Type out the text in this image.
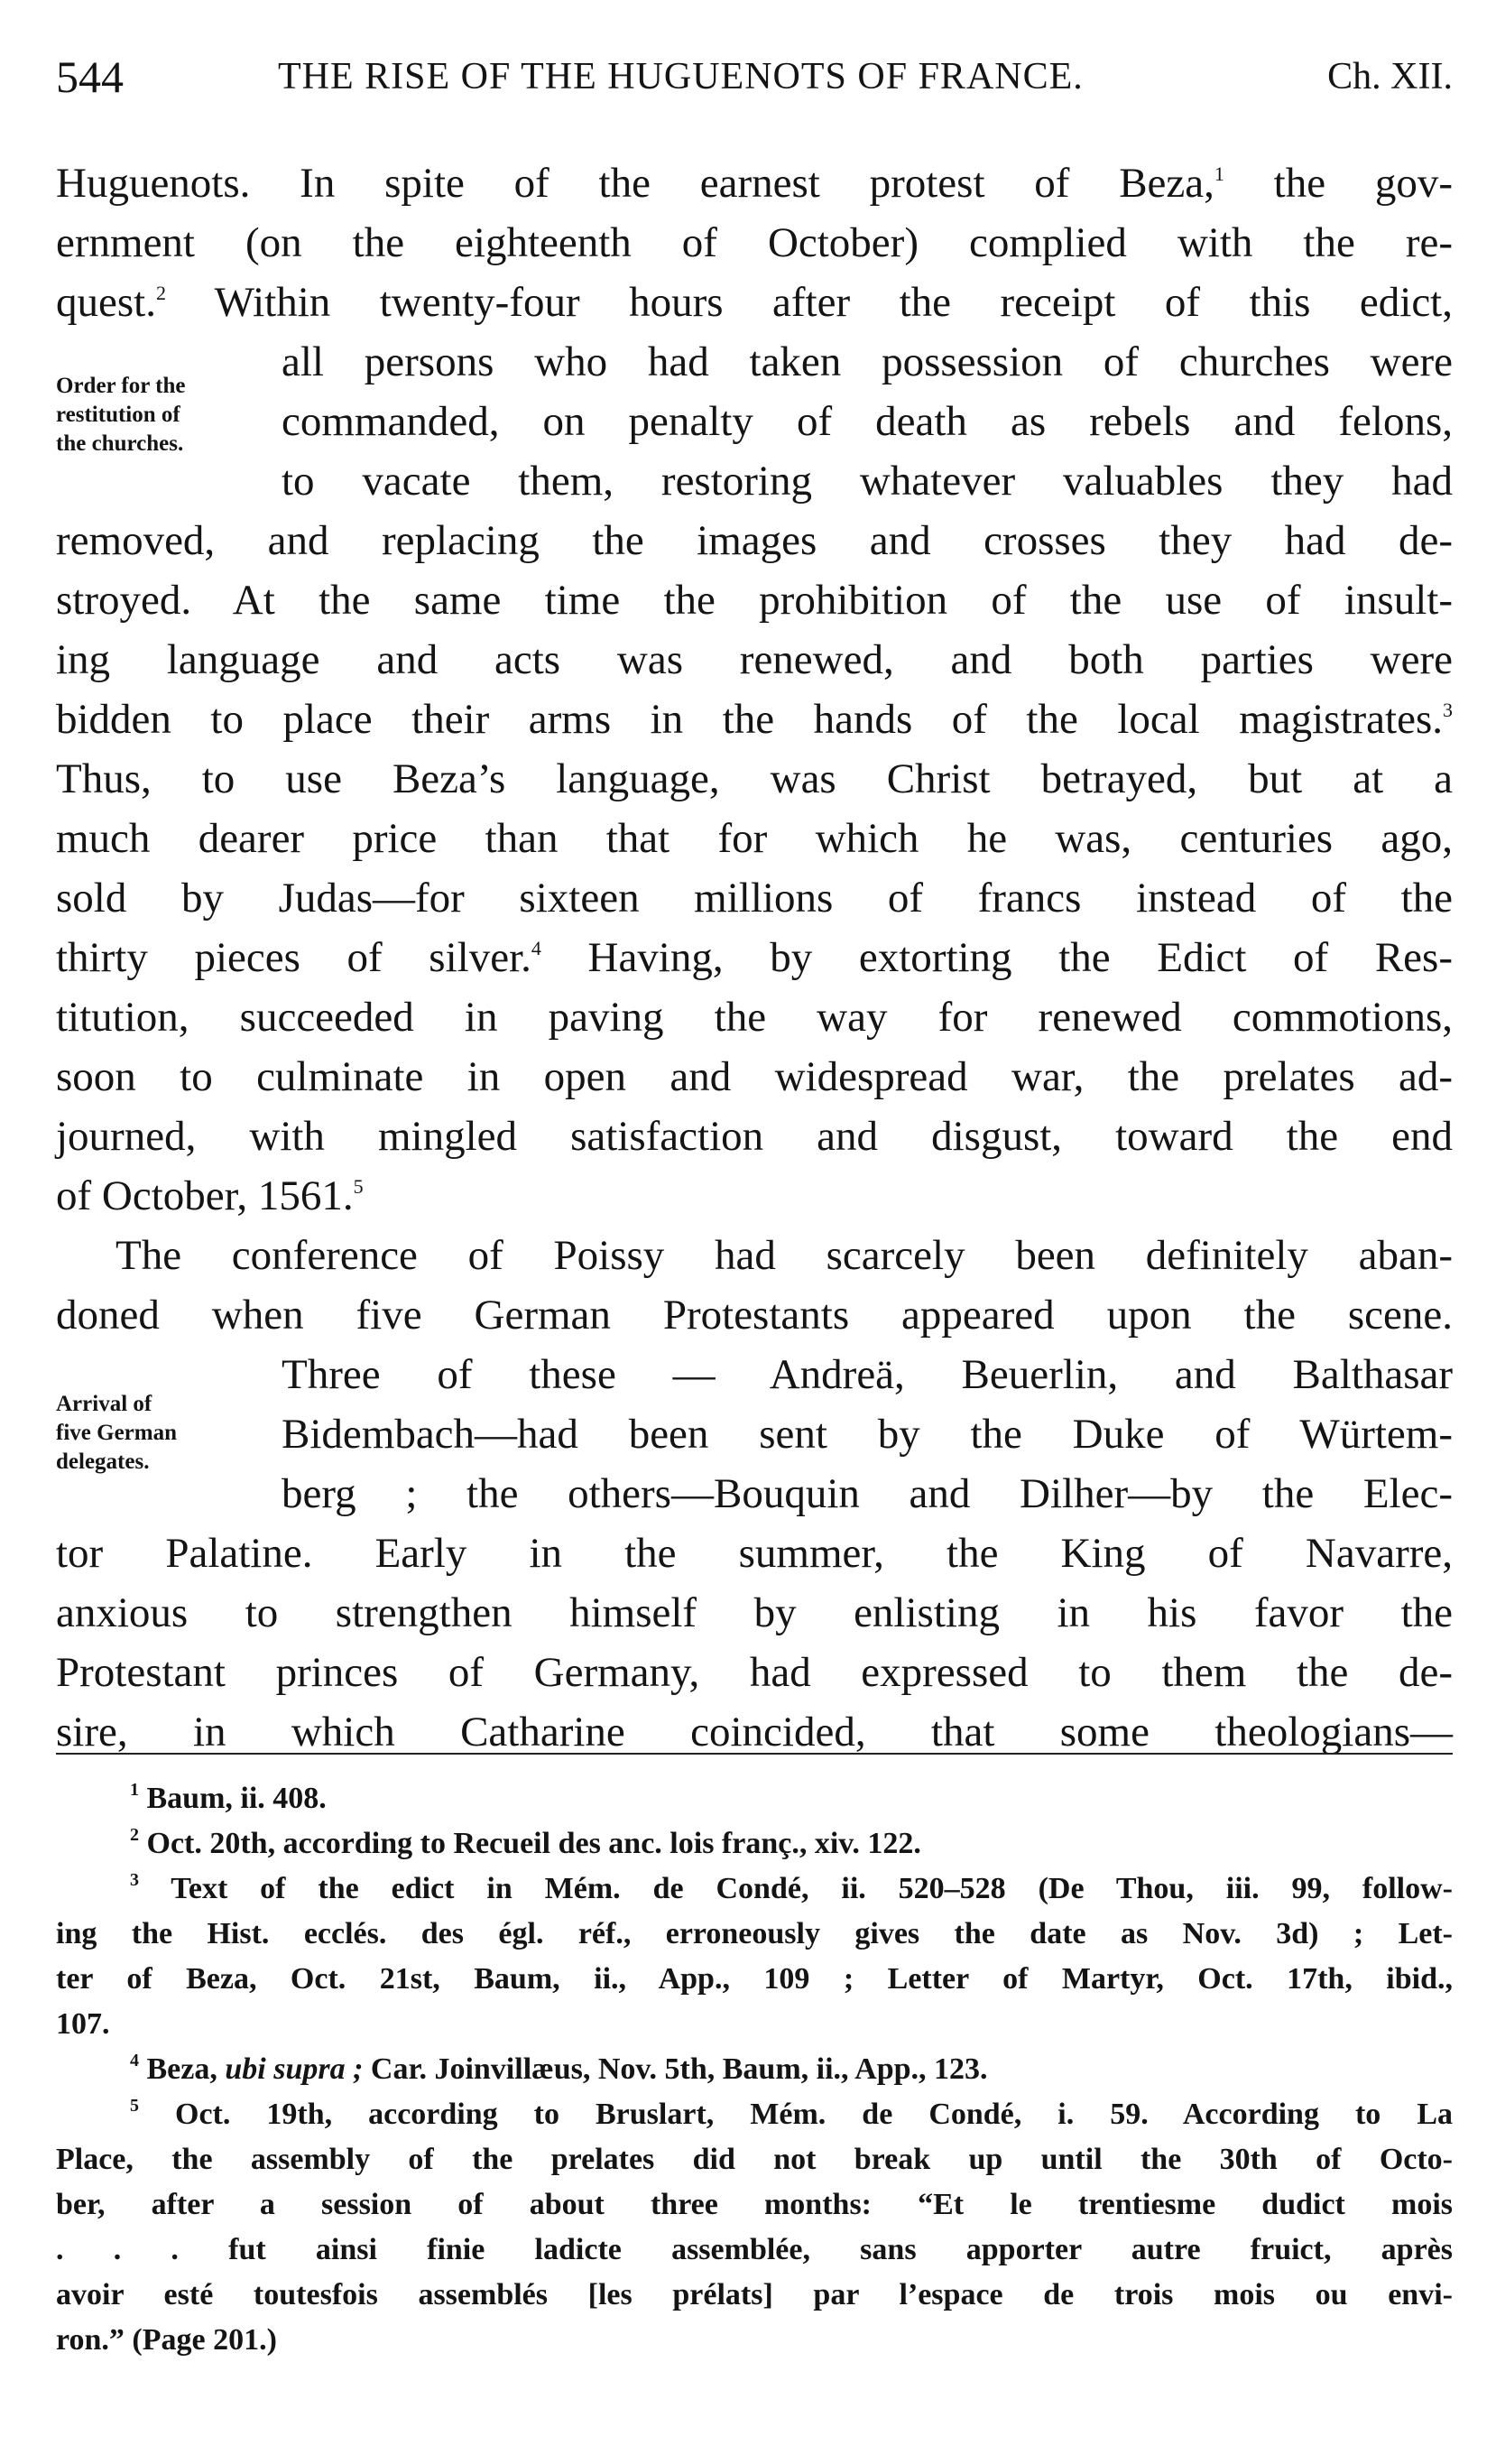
544	THE RISE OF THE HUGUENOTS OF FRANCE.	Ch. XII.
Order for the
restitution of
the churches.
Arrival of
five German
delegates.
Huguenots. In spite of the earnest protest of Beza,$^1$ the gov-
ernment (on the eighteenth of October) complied with the re-
quest.$^2$ Within twenty-four hours after the receipt of this edict,
all persons who had taken possession of churches were
commanded, on penalty of death as rebels and felons,
to vacate them, restoring whatever valuables they had
removed, and replacing the images and crosses they had de-
stroyed. At the same time the prohibition of the use of insult-
ing language and acts was renewed, and both parties were
bidden to place their arms in the hands of the local magistrates.$^3$
Thus, to use Beza’s language, was Christ betrayed, but at a
much dearer price than that for which he was, centuries ago,
sold by Judas—for sixteen millions of francs instead of the
thirty pieces of silver.$^4$ Having, by extorting the Edict of Res-
titution, succeeded in paving the way for renewed commotions,
soon to culminate in open and widespread war, the prelates ad-
journed, with mingled satisfaction and disgust, toward the end
of October, 1561.$^5$
The conference of Poissy had scarcely been definitely aban-
doned when five German Protestants appeared upon the scene.
Three of these — Andreä, Beuerlin, and Balthasar
Bidembach—had been sent by the Duke of Würtem-
berg ; the others—Bouquin and Dilher—by the Elec-
tor Palatine. Early in the summer, the King of Navarre,
anxious to strengthen himself by enlisting in his favor the
Protestant princes of Germany, had expressed to them the de-
sire, in which Catharine coincided, that some theologians—
$^1$ Baum, ii. 408.
$^2$ Oct. 20th, according to Recueil des anc. lois franç., xiv. 122.
$^3$ Text of the edict in Mém. de Condé, ii. 520–528 (De Thou, iii. 99, follow-
ing the Hist. ecclés. des égl. réf., erroneously gives the date as Nov. 3d) ; Let-
ter of Beza, Oct. 21st, Baum, ii., App., 109 ; Letter of Martyr, Oct. 17th, ibid.,
107.
$^4$ Beza, ubi supra ; Car. Joinvillæus, Nov. 5th, Baum, ii., App., 123.
$^5$ Oct. 19th, according to Bruslart, Mém. de Condé, i. 59. According to La
Place, the assembly of the prelates did not break up until the 30th of Octo-
ber, after a session of about three months: “Et le trentiesme dudict mois
. . . fut ainsi finie ladicte assemblée, sans apporter autre fruict, après
avoir esté toutesfois assemblés [les prélats] par l’espace de trois mois ou envi-
ron.” (Page 201.)
